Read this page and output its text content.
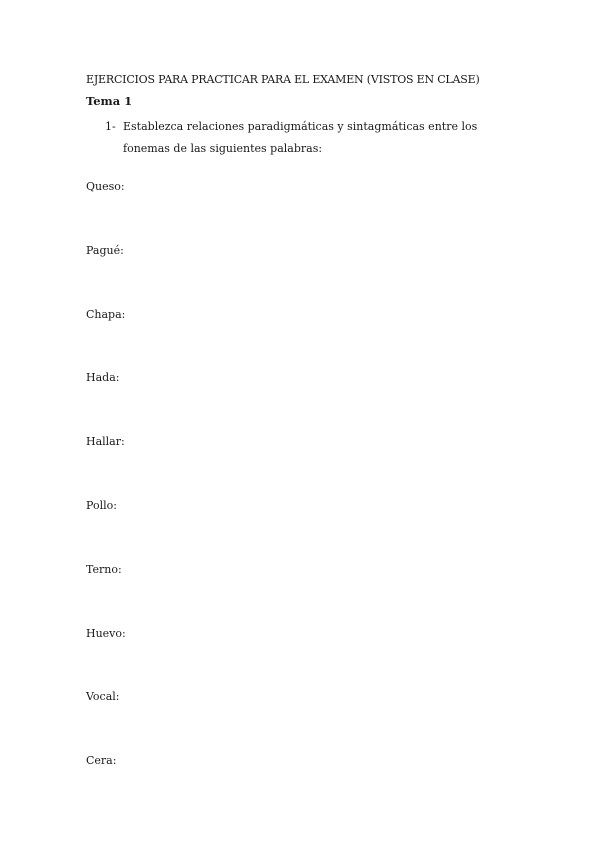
EJERCICIOS PARA PRACTICAR PARA EL EXAMEN (VISTOS EN CLASE)
Tema 1
1- Establezca relaciones paradigmáticas y sintagmáticas entre los fonemas de las siguientes palabras:
Queso:
Pagué:
Chapa:
Hada:
Hallar:
Pollo:
Terno:
Huevo:
Vocal:
Cera:
